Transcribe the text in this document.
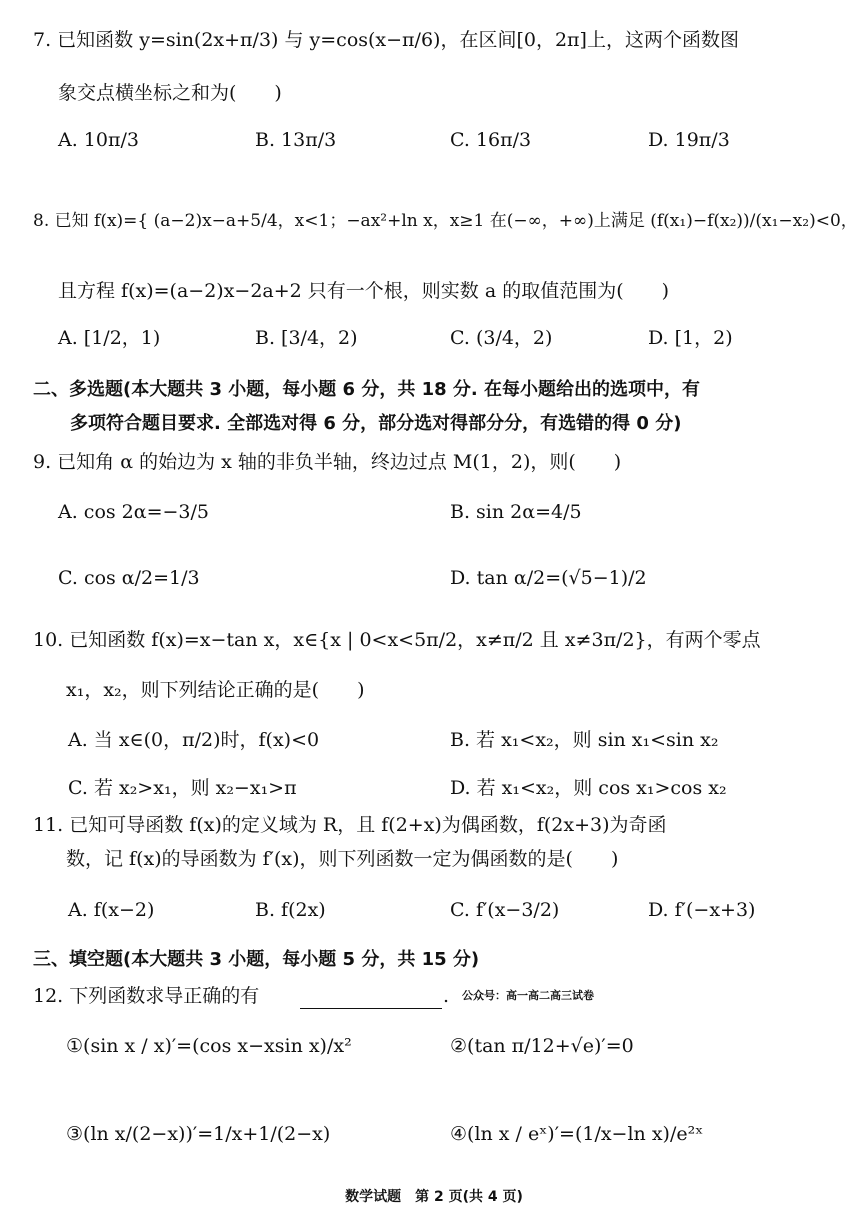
7. 已知函数 y=sin(2x+π/3) 与 y=cos(x−π/6)，在区间[0，2π]上，这两个函数图
象交点横坐标之和为(　　)
A. 10π/3	B. 13π/3	C. 16π/3	D. 19π/3
8. 已知 f(x)={ (a−2)x−a+5/4，x<1；−ax²+ln x，x≥1 在(−∞，+∞)上满足 (f(x₁)−f(x₂))/(x₁−x₂)<0，
且方程 f(x)=(a−2)x−2a+2 只有一个根，则实数 a 的取值范围为(　　)
A. [1/2，1)	B. [3/4，2)	C. (3/4，2)	D. [1，2)
二、多选题(本大题共 3 小题，每小题 6 分，共 18 分. 在每小题给出的选项中，有
多项符合题目要求. 全部选对得 6 分，部分选对得部分分，有选错的得 0 分)
9. 已知角 α 的始边为 x 轴的非负半轴，终边过点 M(1，2)，则(　　)
A. cos 2α=−3/5	B. sin 2α=4/5
C. cos α/2=1/3	D. tan α/2=(√5−1)/2
10. 已知函数 f(x)=x−tan x，x∈{x | 0<x<5π/2，x≠π/2 且 x≠3π/2}，有两个零点
x₁，x₂，则下列结论正确的是(　　)
A. 当 x∈(0，π/2)时，f(x)<0	B. 若 x₁<x₂，则 sin x₁<sin x₂
C. 若 x₂>x₁，则 x₂−x₁>π	D. 若 x₁<x₂，则 cos x₁>cos x₂
11. 已知可导函数 f(x)的定义域为 R，且 f(2+x)为偶函数，f(2x+3)为奇函
数，记 f(x)的导函数为 f′(x)，则下列函数一定为偶函数的是(　　)
A. f(x−2)	B. f(2x)	C. f′(x−3/2)	D. f′(−x+3)
三、填空题(本大题共 3 小题，每小题 5 分，共 15 分)
12. 下列函数求导正确的有	. 公众号：高一高二高三试卷
①(sin x / x)′=(cos x−xsin x)/x²	②(tan π/12+√e)′=0
③(ln x/(2−x))′=1/x+1/(2−x)	④(ln x / eˣ)′=(1/x−ln x)/e²ˣ
数学试题　第 2 页(共 4 页)
